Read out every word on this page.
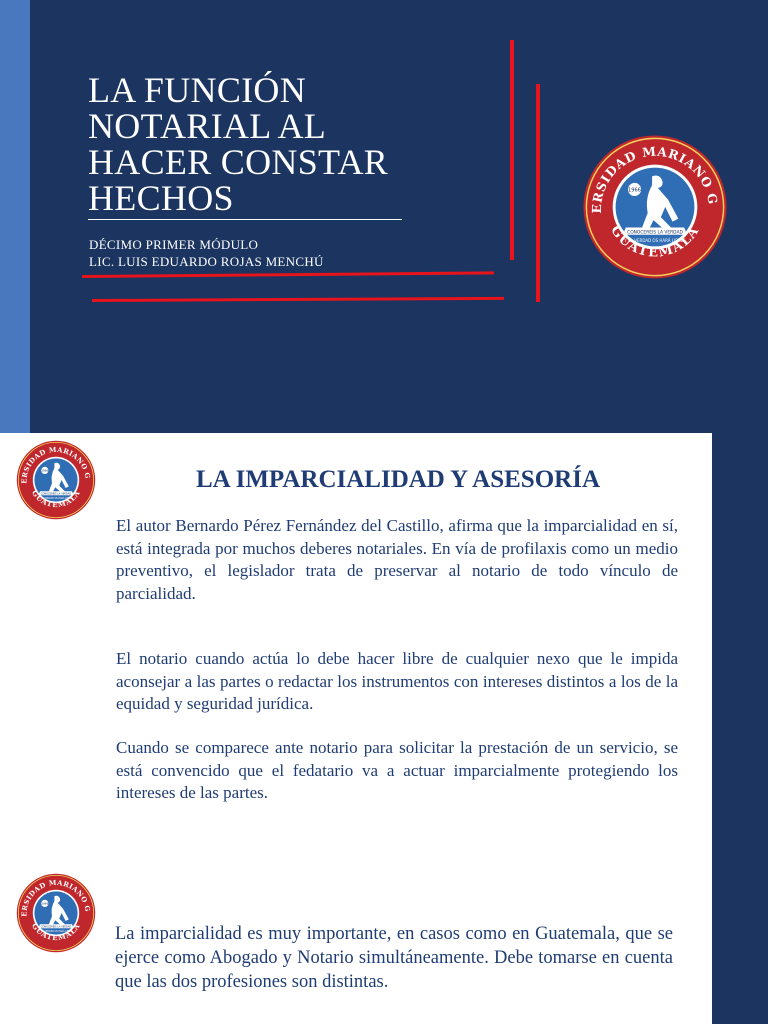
LA FUNCIÓN
NOTARIAL AL
HACER CONSTAR
HECHOS
DÉCIMO PRIMER MÓDULO
LIC. LUIS EDUARDO ROJAS MENCHÚ
LA IMPARCIALIDAD Y ASESORÍA

El autor Bernardo Pérez Fernández del Castillo, afirma que la imparcialidad en sí, está integrada por muchos deberes notariales. En vía de profilaxis como un medio preventivo, el legislador trata de preservar al notario de todo vínculo de parcialidad.

El notario cuando actúa lo debe hacer libre de cualquier nexo que le impida aconsejar a las partes o redactar los instrumentos con intereses distintos a los de la equidad y seguridad jurídica.

Cuando se comparece ante notario para solicitar la prestación de un servicio, se está convencido que el fedatario va a actuar imparcialmente protegiendo los intereses de las partes.

La imparcialidad es muy importante, en casos como en Guatemala, que se ejerce como Abogado y Notario simultáneamente. Debe tomarse en cuenta que las dos profesiones son distintas.
